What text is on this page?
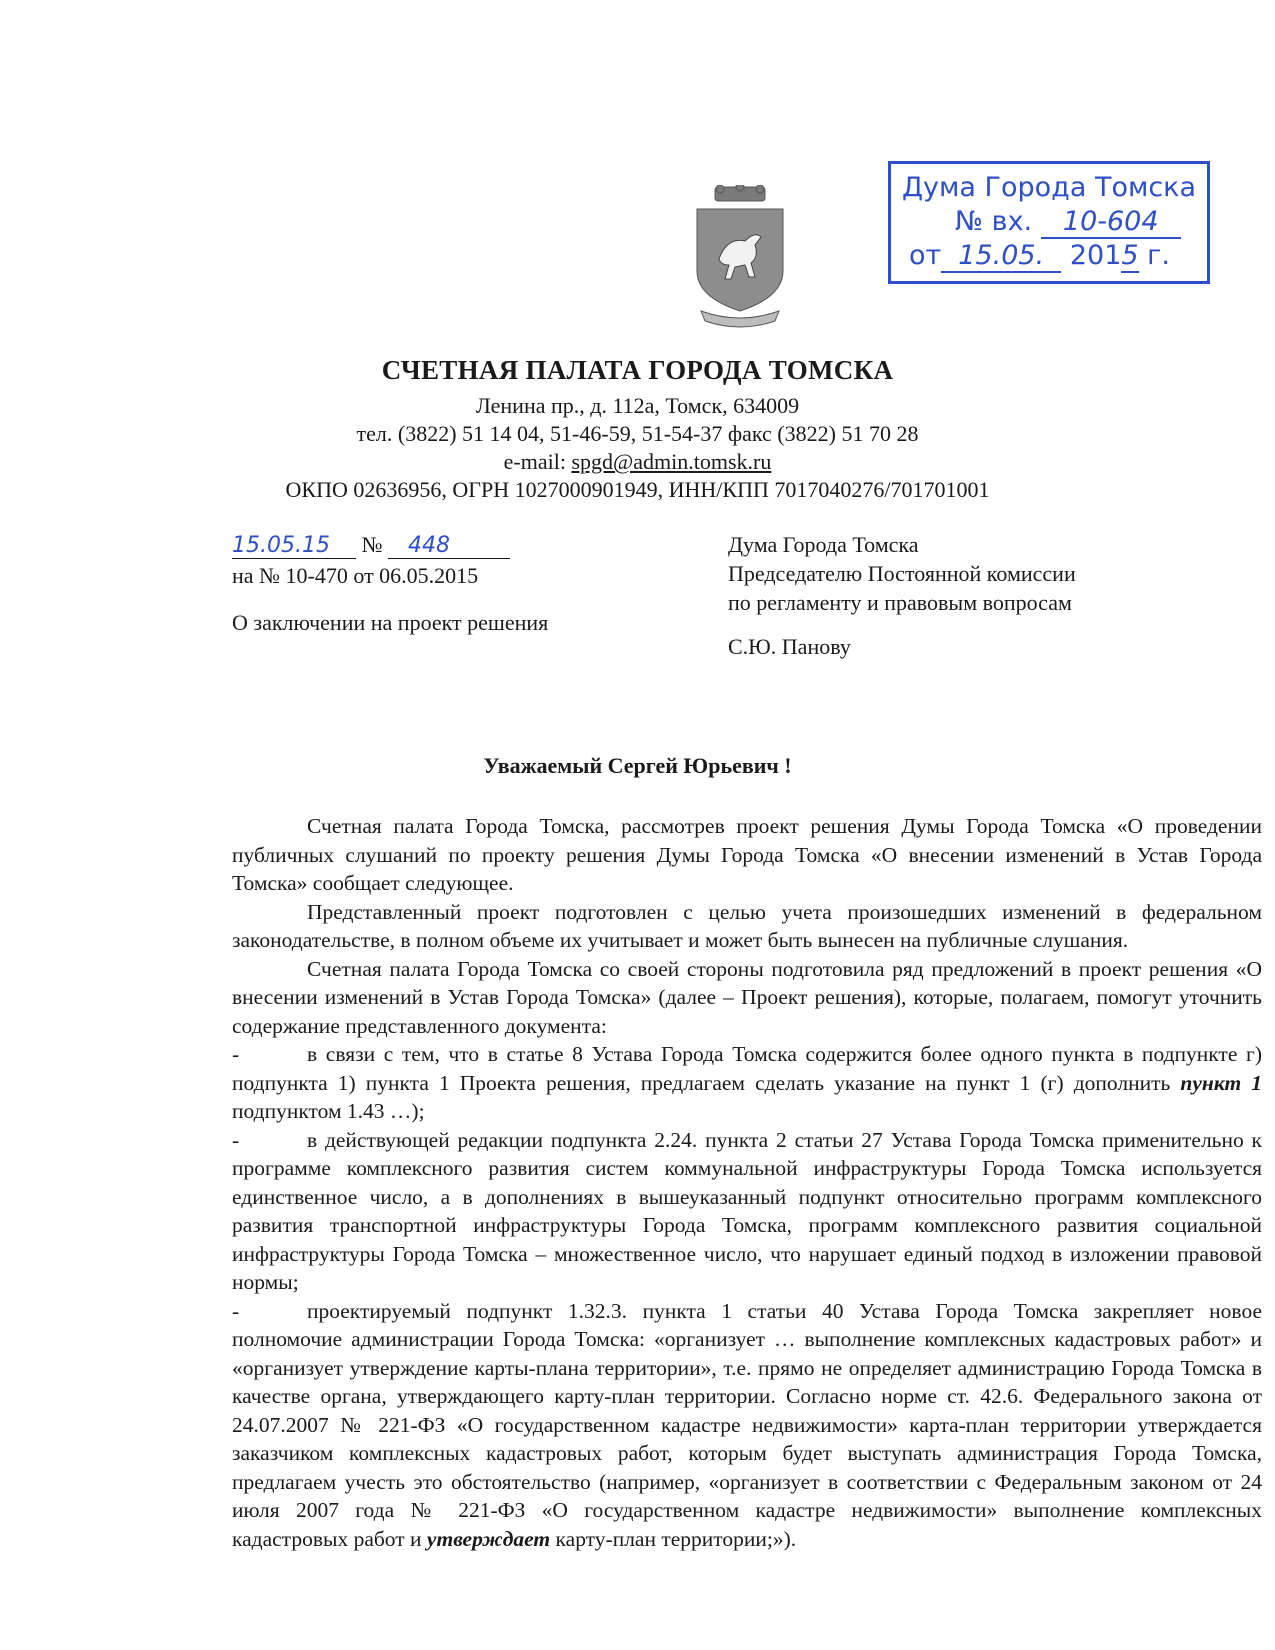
Дума Города Томска
№ вх. 10-604
от 15.05. 2015 г.
СЧЕТНАЯ ПАЛАТА ГОРОДА ТОМСКА
Ленина пр., д. 112а, Томск, 634009
тел. (3822) 51 14 04, 51-46-59, 51-54-37 факс (3822) 51 70 28
e-mail: spgd@admin.tomsk.ru
ОКПО 02636956, ОГРН 1027000901949, ИНН/КПП 7017040276/701701001
15.05.15 № 448
на № 10-470 от 06.05.2015
О заключении на проект решения
Дума Города Томска
Председателю Постоянной комиссии
по регламенту и правовым вопросам
С.Ю. Панову
Уважаемый Сергей Юрьевич !

Счетная палата Города Томска, рассмотрев проект решения Думы Города Томска «О проведении публичных слушаний по проекту решения Думы Города Томска «О внесении изменений в Устав Города Томска» сообщает следующее.

Представленный проект подготовлен с целью учета произошедших изменений в федеральном законодательстве, в полном объеме их учитывает и может быть вынесен на публичные слушания.

Счетная палата Города Томска со своей стороны подготовила ряд предложений в проект решения «О внесении изменений в Устав Города Томска» (далее – Проект решения), которые, полагаем, помогут уточнить содержание представленного документа:

-	в связи с тем, что в статье 8 Устава Города Томска содержится более одного пункта в подпункте г) подпункта 1) пункта 1 Проекта решения, предлагаем сделать указание на пункт 1 (г) дополнить пункт 1 подпунктом 1.43 …);

-	в действующей редакции подпункта 2.24. пункта 2 статьи 27 Устава Города Томска применительно к программе комплексного развития систем коммунальной инфраструктуры Города Томска используется единственное число, а в дополнениях в вышеуказанный подпункт относительно программ комплексного развития транспортной инфраструктуры Города Томска, программ комплексного развития социальной инфраструктуры Города Томска – множественное число, что нарушает единый подход в изложении правовой нормы;

-	проектируемый подпункт 1.32.3. пункта 1 статьи 40 Устава Города Томска закрепляет новое полномочие администрации Города Томска: «организует … выполнение комплексных кадастровых работ» и «организует утверждение карты-плана территории», т.е. прямо не определяет администрацию Города Томска в качестве органа, утверждающего карту-план территории. Согласно норме ст. 42.6. Федерального закона от 24.07.2007 № 221-ФЗ «О государственном кадастре недвижимости» карта-план территории утверждается заказчиком комплексных кадастровых работ, которым будет выступать администрация Города Томска, предлагаем учесть это обстоятельство (например, «организует в соответствии с Федеральным законом от 24 июля 2007 года № 221-ФЗ «О государственном кадастре недвижимости» выполнение комплексных кадастровых работ и утверждает карту-план территории;»).
